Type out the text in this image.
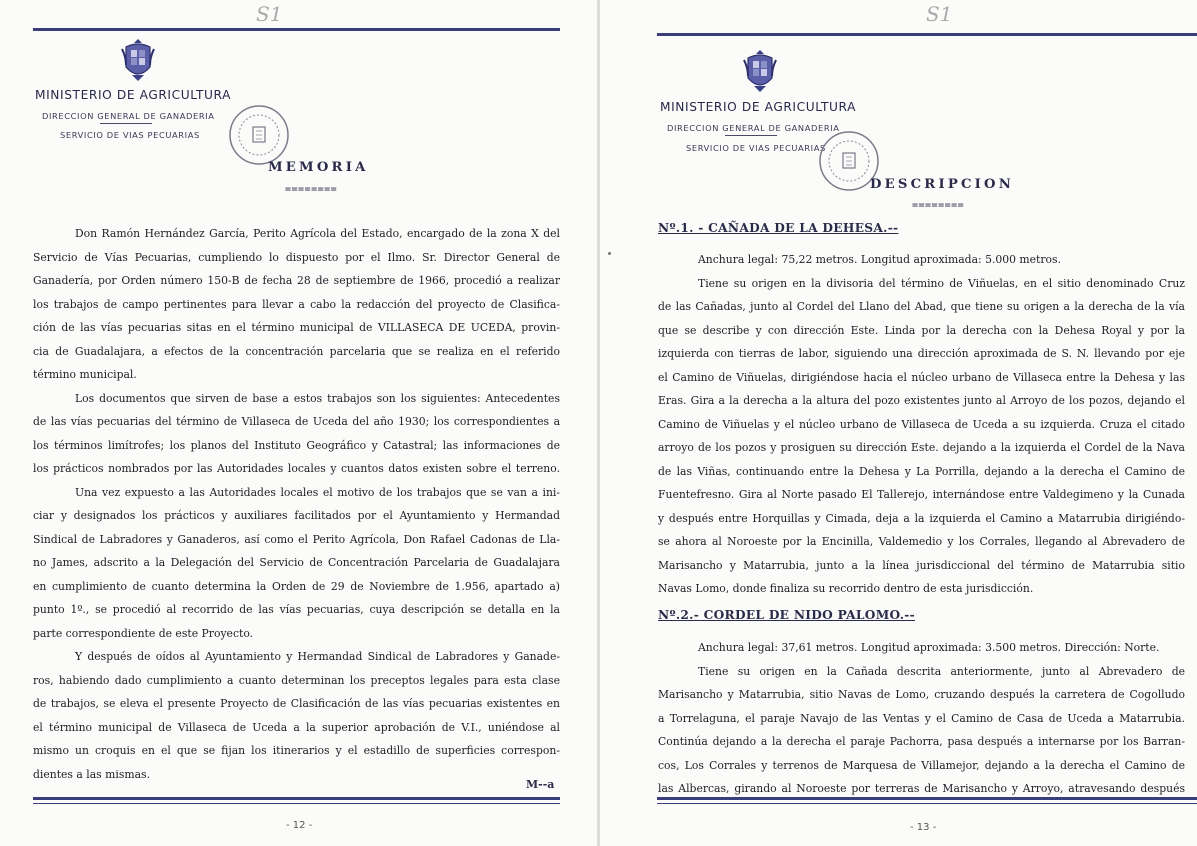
S1
MINISTERIO DE AGRICULTURA
DIRECCION GENERAL DE GANADERIA
SERVICIO DE VIAS PECUARIAS
MEMORIA
========
Don Ramón Hernández García, Perito Agrícola del Estado, encargado de la zona X del
Servicio de Vías Pecuarias, cumpliendo lo dispuesto por el Ilmo. Sr. Director General de
Ganadería, por Orden número 150-B de fecha 28 de septiembre de 1966, procedió a realizar
los trabajos de campo pertinentes para llevar a cabo la redacción del proyecto de Clasifica-
ción de las vías pecuarias sitas en el término municipal de VILLASECA DE UCEDA, provin-
cia de Guadalajara, a efectos de la concentración parcelaria que se realiza en el referido
término municipal.
Los documentos que sirven de base a estos trabajos son los siguientes: Antecedentes
de las vías pecuarias del término de Villaseca de Uceda del año 1930; los correspondientes a
los términos limítrofes; los planos del Instituto Geográfico y Catastral; las informaciones de
los prácticos nombrados por las Autoridades locales y cuantos datos existen sobre el terreno.
Una vez expuesto a las Autoridades locales el motivo de los trabajos que se van a ini-
ciar y designados los prácticos y auxiliares facilitados por el Ayuntamiento y Hermandad
Sindical de Labradores y Ganaderos, así como el Perito Agrícola, Don Rafael Cadonas de Lla-
no James, adscrito a la Delegación del Servicio de Concentración Parcelaria de Guadalajara
en cumplimiento de cuanto determina la Orden de 29 de Noviembre de 1.956, apartado a)
punto 1º., se procedió al recorrido de las vías pecuarias, cuya descripción se detalla en la
parte correspondiente de este Proyecto.
Y después de oídos al Ayuntamiento y Hermandad Sindical de Labradores y Ganade-
ros, habiendo dado cumplimiento a cuanto determinan los preceptos legales para esta clase
de trabajos, se eleva el presente Proyecto de Clasificación de las vías pecuarias existentes en
el término municipal de Villaseca de Uceda a la superior aprobación de V.I., uniéndose al
mismo un croquis en el que se fijan los itinerarios y el estadillo de superficies correspon-
dientes a las mismas.
M--a
- 12 -
S1
MINISTERIO DE AGRICULTURA
DIRECCION GENERAL DE GANADERIA
SERVICIO DE VIAS PECUARIAS
DESCRIPCION
========
Nº.1. - CAÑADA DE LA DEHESA.--
Anchura legal: 75,22 metros. Longitud aproximada: 5.000 metros.
Tiene su origen en la divisoria del término de Viñuelas, en el sitio denominado Cruz
de las Cañadas, junto al Cordel del Llano del Abad, que tiene su origen a la derecha de la vía
que se describe y con dirección Este. Linda por la derecha con la Dehesa Royal y por la
izquierda con tierras de labor, siguiendo una dirección aproximada de S. N. llevando por eje
el Camino de Viñuelas, dirigiéndose hacia el núcleo urbano de Villaseca entre la Dehesa y las
Eras. Gira a la derecha a la altura del pozo existentes junto al Arroyo de los pozos, dejando el
Camino de Viñuelas y el núcleo urbano de Villaseca de Uceda a su izquierda. Cruza el citado
arroyo de los pozos y prosiguen su dirección Este. dejando a la izquierda el Cordel de la Nava
de las Viñas, continuando entre la Dehesa y La Porrilla, dejando a la derecha el Camino de
Fuentefresno. Gira al Norte pasado El Tallerejo, internándose entre Valdegimeno y la Cunada
y después entre Horquillas y Cimada, deja a la izquierda el Camino a Matarrubia dirigiéndo-
se ahora al Noroeste por la Encinilla, Valdemedio y los Corrales, llegando al Abrevadero de
Marisancho y Matarrubia, junto a la línea jurisdiccional del término de Matarrubia sitio
Navas Lomo, donde finaliza su recorrido dentro de esta jurisdicción.
Nº.2.- CORDEL DE NIDO PALOMO.--
Anchura legal: 37,61 metros. Longitud aproximada: 3.500 metros. Dirección: Norte.
Tiene su origen en la Cañada descrita anteriormente, junto al Abrevadero de
Marisancho y Matarrubia, sitio Navas de Lomo, cruzando después la carretera de Cogolludo
a Torrelaguna, el paraje Navajo de las Ventas y el Camino de Casa de Uceda a Matarrubia.
Continúa dejando a la derecha el paraje Pachorra, pasa después a internarse por los Barran-
cos, Los Corrales y terrenos de Marquesa de Villamejor, dejando a la derecha el Camino de
las Albercas, girando al Noroeste por terreras de Marisancho y Arroyo, atravesando después
- 13 -
